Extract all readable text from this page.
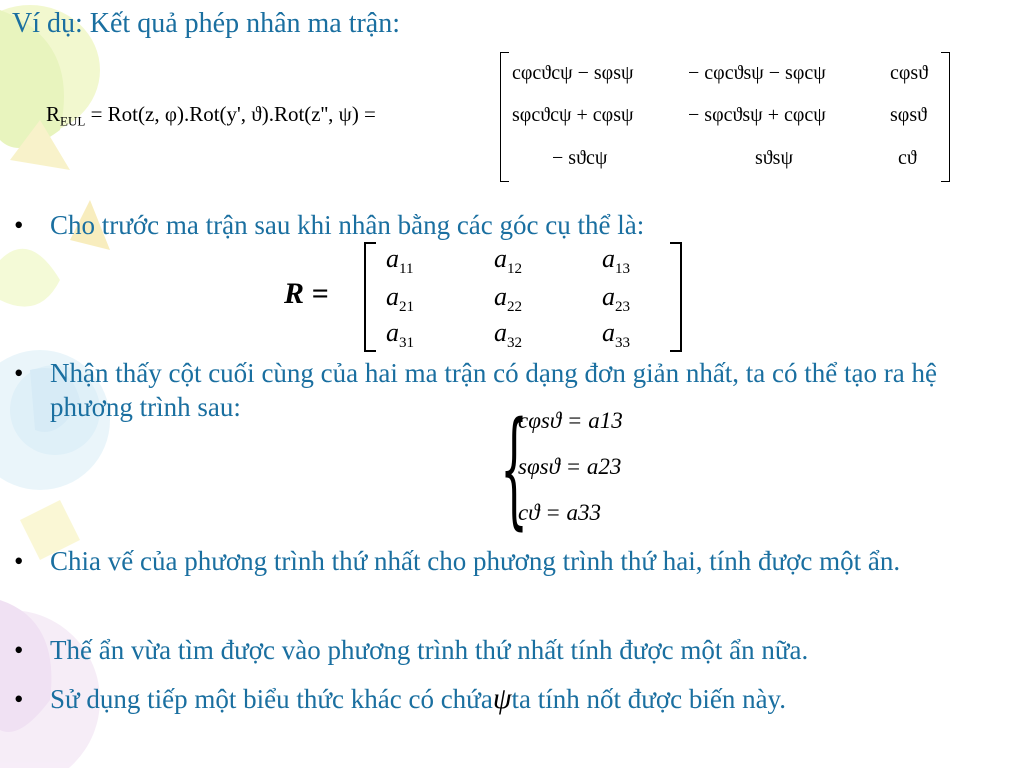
Ví dụ: Kết quả phép nhân ma trận:
$R_{EUL} = Rot(z$, φ).Rot(y', ϑ).Rot(z'', ψ) =
cφcϑcψ − sφsψ	− cφcϑsψ − sφcψ	cφsϑ
sφcϑcψ + cφsψ	− sφcϑsψ + cφcψ	sφsϑ
− sϑcψ	sϑsψ	cϑ
• Cho trước ma trận sau khi nhân bằng các góc cụ thể là:
R =
$a_{11}$	$a_{12}$	$a_{13}$
$a_{21}$	$a_{22}$	$a_{23}$
$a_{31}$	$a_{32}$	$a_{33}$
• Nhận thấy cột cuối cùng của hai ma trận có dạng đơn giản nhất, ta có thể tạo ra hệ phương trình sau:	{
cφsϑ = a13
sφsϑ = a23
cϑ = a33
• Chia vế của phương trình thứ nhất cho phương trình thứ hai, tính được một ẩn.
• Thế ẩn vừa tìm được vào phương trình thứ nhất tính được một ẩn nữa.
• Sử dụng tiếp một biểu thức khác có chứaψta tính nốt được biến này.
